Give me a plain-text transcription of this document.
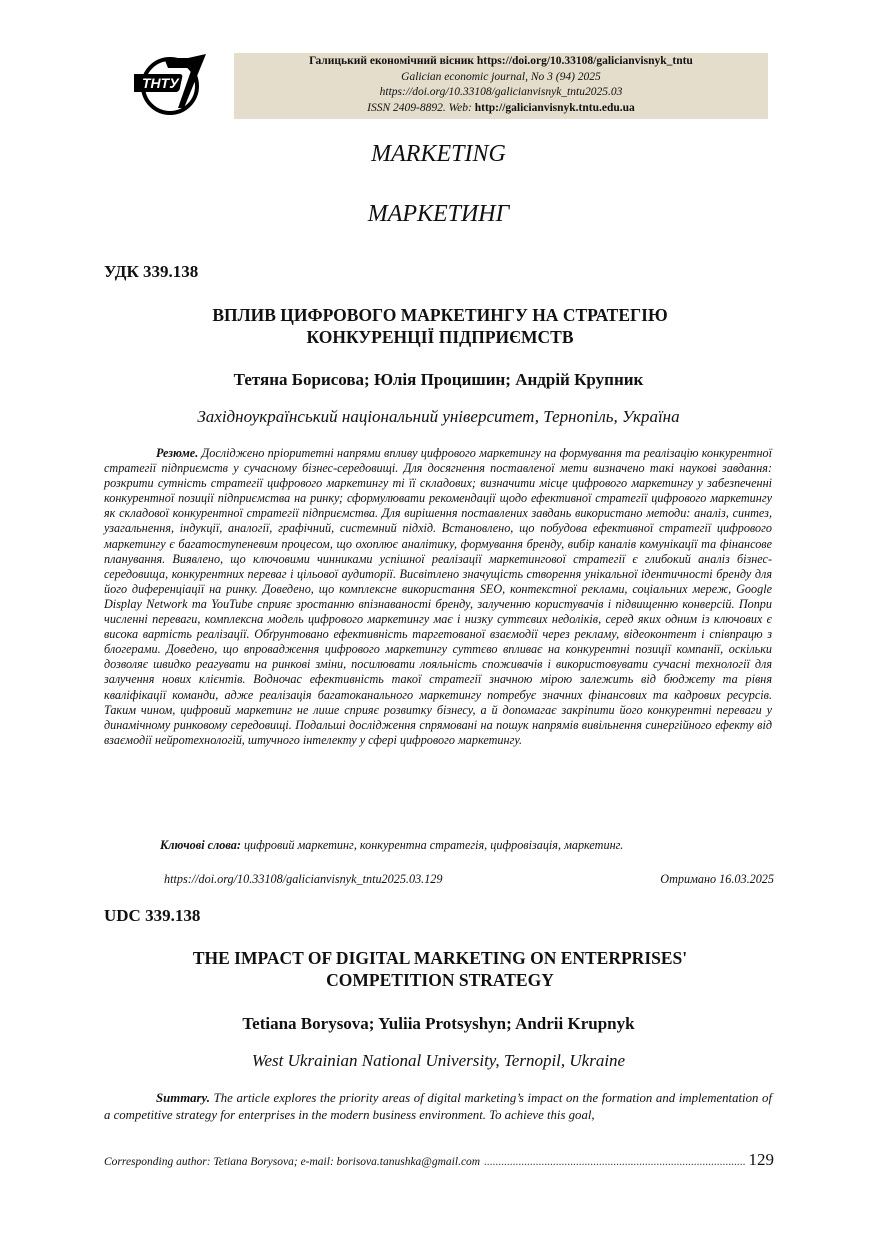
ТНТУ
Галицький економічний вісник https://doi.org/10.33108/galicianvisnyk_tntu
Galician economic journal, No 3 (94) 2025
https://doi.org/10.33108/galicianvisnyk_tntu2025.03
ISSN 2409-8892. Web: http://galicianvisnyk.tntu.edu.ua
MARKETING
МАРКЕТИНГ
УДК 339.138
ВПЛИВ ЦИФРОВОГО МАРКЕТИНГУ НА СТРАТЕГІЮ
КОНКУРЕНЦІЇ ПІДПРИЄМСТВ
Тетяна Борисова; Юлія Процишин; Андрій Крупник
Західноукраїнський національний університет, Тернопіль, Україна
Резюме. Досліджено пріоритетні напрями впливу цифрового маркетингу на формування та реалізацію конкурентної стратегії підприємств у сучасному бізнес-середовищі. Для досягнення поставленої мети визначено такі наукові завдання: розкрити сутність стратегії цифрового маркетингу ті її складових; визначити місце цифрового маркетингу у забезпеченні конкурентної позиції підприємства на ринку; сформулювати рекомендації щодо ефективної стратегії цифрового маркетингу як складової конкурентної стратегії підприємства. Для вирішення поставлених завдань використано методи: аналіз, синтез, узагальнення, індукції, аналогії, графічний, системний підхід. Встановлено, що побудова ефективної стратегії цифрового маркетингу є багатоступеневим процесом, що охоплює аналітику, формування бренду, вибір каналів комунікації та фінансове планування. Виявлено, що ключовими чинниками успішної реалізації маркетингової стратегії є глибокий аналіз бізнес-середовища, конкурентних переваг і цільової аудиторії. Висвітлено значущість створення унікальної ідентичності бренду для його диференціації на ринку. Доведено, що комплексне використання SEO, контекстної реклами, соціальних мереж, Google Display Network та YouTube сприяє зростанню впізнаваності бренду, залученню користувачів і підвищенню конверсій. Попри численні переваги, комплексна модель цифрового маркетингу має і низку суттєвих недоліків, серед яких одним із ключових є висока вартість реалізації. Обґрунтовано ефективність таргетованої взаємодії через рекламу, відеоконтент і співпрацю з блогерами. Доведено, що впровадження цифрового маркетингу суттєво впливає на конкурентні позиції компанії, оскільки дозволяє швидко реагувати на ринкові зміни, посилювати лояльність споживачів і використовувати сучасні технології для залучення нових клієнтів. Водночас ефективність такої стратегії значною мірою залежить від бюджету та рівня кваліфікації команди, адже реалізація багатоканального маркетингу потребує значних фінансових та кадрових ресурсів. Таким чином, цифровий маркетинг не лише сприяє розвитку бізнесу, а й допомагає закріпити його конкурентні переваги у динамічному ринковому середовищі. Подальші дослідження спрямовані на пошук напрямів вивільнення синергійного ефекту від взаємодії нейротехнологій, штучного інтелекту у сфері цифрового маркетингу.
Ключові слова: цифровий маркетинг, конкурентна стратегія, цифровізація, маркетинг.
https://doi.org/10.33108/galicianvisnyk_tntu2025.03.129	Отримано 16.03.2025
UDC 339.138
THE IMPACT OF DIGITAL MARKETING ON ENTERPRISES'
COMPETITION STRATEGY
Tetiana Borysova; Yuliia Protsyshyn; Andrii Krupnyk
West Ukrainian National University, Ternopil, Ukraine
Summary. The article explores the priority areas of digital marketing’s impact on the formation and implementation of a competitive strategy for enterprises in the modern business environment. To achieve this goal,
Corresponding author: Tetiana Borysova; e-mail: borisova.tanushka@gmail.com
.....	129
